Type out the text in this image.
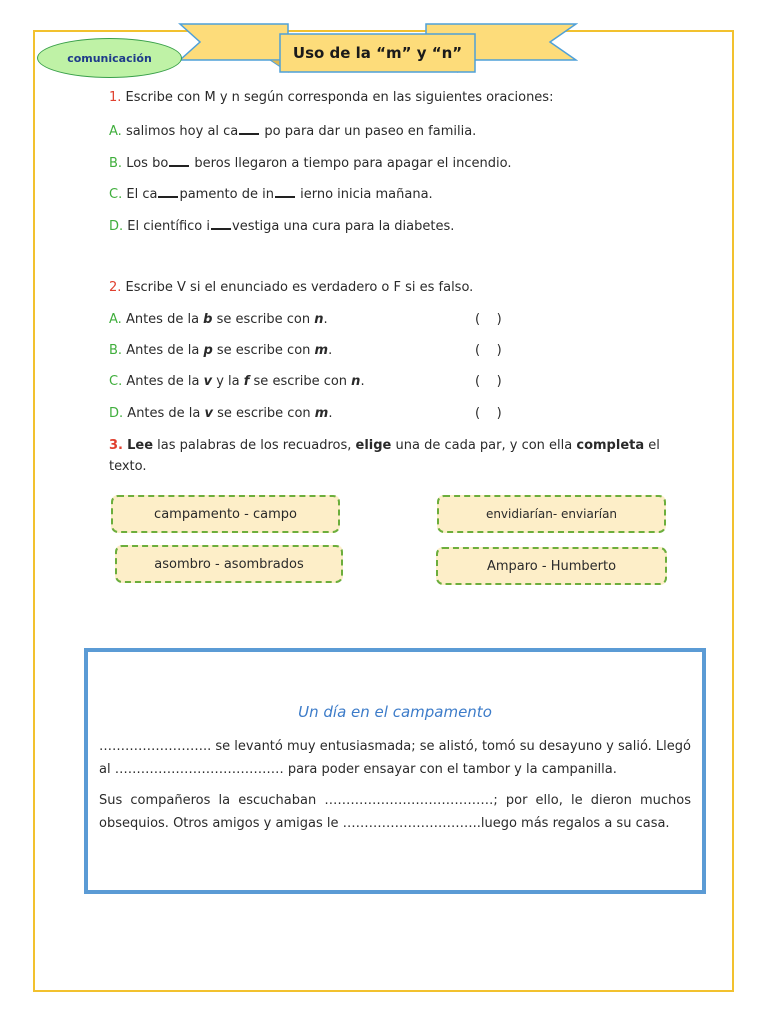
Uso de la “m” y “n”
comunicación
1. Escribe con M y n según corresponda en las siguientes oraciones:
A. salimos hoy al ca po para dar un paseo en familia.
B. Los bo beros llegaron a tiempo para apagar el incendio.
C. El ca pamento de in ierno inicia mañana.
D. El científico i vestiga una cura para la diabetes.
2. Escribe V si el enunciado es verdadero o F si es falso.
A. Antes de la b se escribe con n.	(    )
B. Antes de la p se escribe con m.	(    )
C. Antes de la v y la f se escribe con n.	(    )
D. Antes de la v se escribe con m.	(    )
3. Lee las palabras de los recuadros, elige una de cada par, y con ella completa el
texto.
campamento - campo	envidiarían- enviarían
asombro - asombrados	Amparo - Humberto
Un día en el campamento
…………………….. se levantó muy entusiasmada; se alistó, tomó su desayuno y salió. Llegó
al ………………………………… para poder ensayar con el tambor y la campanilla.
Sus compañeros la escuchaban …………………………………; por ello, le dieron muchos
obsequios. Otros amigos y amigas le …………………………..luego más regalos a su casa.
